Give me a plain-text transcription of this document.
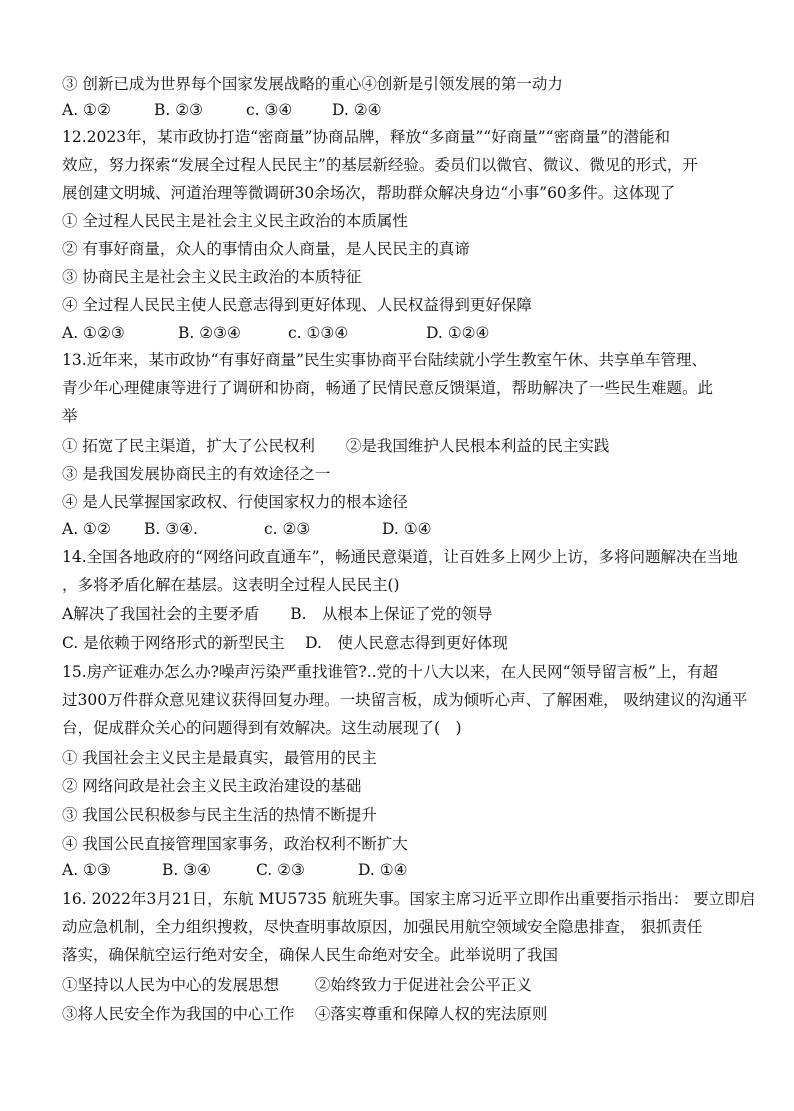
③ 创新已成为世界每个国家发展战略的重心④创新是引领发展的第一动力
A. ①②	B. ②③	c. ③④	D. ②④
12.2023年，某市政协打造“密商量”协商品牌，释放“多商量”“好商量”“密商量”的潜能和
效应，努力探索“发展全过程人民民主”的基层新经验。委员们以微官、微议、微见的形式，开
展创建文明城、河道治理等微调研30余场次，帮助群众解决身边“小事”60多件。这体现了
① 全过程人民民主是社会主义民主政治的本质属性
② 有事好商量，众人的事情由众人商量，是人民民主的真谛
③ 协商民主是社会主义民主政治的本质特征
④ 全过程人民民主使人民意志得到更好体现、人民权益得到更好保障
A. ①②③	B. ②③④	c. ①③④	D. ①②④
13.近年来，某市政协“有事好商量”民生实事协商平台陆续就小学生教室午休、共享单车管理、
青少年心理健康等进行了调研和协商，畅通了民情民意反馈渠道，帮助解决了一些民生难题。此
举
① 拓宽了民主渠道，扩大了公民权利　　②是我国维护人民根本利益的民主实践
③ 是我国发展协商民主的有效途径之一
④ 是人民掌握国家政权、行使国家权力的根本途径
A. ①② B. ③④.	c. ②③	D. ①④
14.全国各地政府的“网络问政直通车”，畅通民意渠道，让百姓多上网少上访，多将问题解决在当地
，多将矛盾化解在基层。这表明全过程人民民主()
A解决了我国社会的主要矛盾　　B.　从根本上保证了党的领导
C. 是依赖于网络形式的新型民主　 D.　使人民意志得到更好体现
15.房产证难办怎么办?噪声污染严重找谁管?..党的十八大以来，在人民网“领导留言板”上，有超
过300万件群众意见建议获得回复办理。一块留言板，成为倾听心声、了解困难， 吸纳建议的沟通平
台，促成群众关心的问题得到有效解决。这生动展现了(　)
① 我国社会主义民主是最真实，最管用的民主
② 网络问政是社会主义民主政治建设的基础
③ 我国公民积极参与民主生活的热情不断提升
④ 我国公民直接管理国家事务，政治权利不断扩大
A. ①③	B. ③④	C. ②③	D. ①④
16. 2022年3月21日，东航 MU5735 航班失事。国家主席习近平立即作出重要指示指出： 要立即启
动应急机制，全力组织搜救，尽快查明事故原因，加强民用航空领域安全隐患排查， 狠抓责任
落实，确保航空运行绝对安全，确保人民生命绝对安全。此举说明了我国
①坚持以人民为中心的发展思想　　 ②始终致力于促进社会公平正义
③将人民安全作为我国的中心工作　 ④落实尊重和保障人权的宪法原则
